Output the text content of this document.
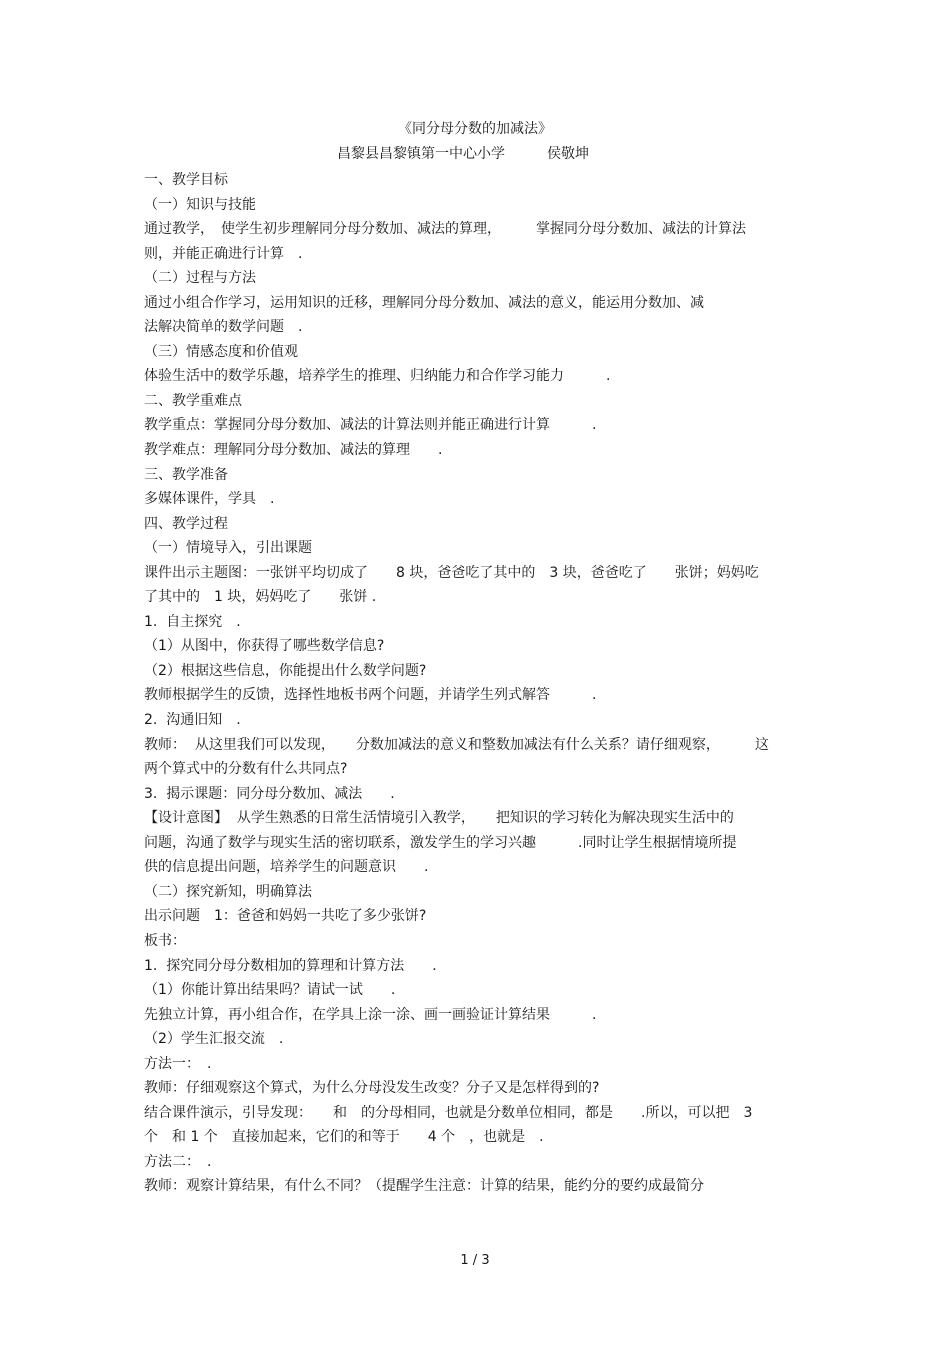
《同分母分数的加减法》
昌黎县昌黎镇第一中心小学　　　侯敬坤
一、教学目标
（一）知识与技能
通过教学，　使学生初步理解同分母分数加、减法的算理，　　　掌握同分母分数加、减法的计算法
则，并能正确进行计算　.
（二）过程与方法
通过小组合作学习，运用知识的迁移，理解同分母分数加、减法的意义，能运用分数加、减
法解决简单的数学问题　.
（三）情感态度和价值观
体验生活中的数学乐趣，培养学生的推理、归纳能力和合作学习能力　　　.
二、教学重难点
教学重点：掌握同分母分数加、减法的计算法则并能正确进行计算　　　.
教学难点：理解同分母分数加、减法的算理　　.
三、教学准备
多媒体课件，学具　.
四、教学过程
（一）情境导入，引出课题
课件出示主题图：一张饼平均切成了　　8 块，爸爸吃了其中的　3 块，爸爸吃了　　张饼；妈妈吃
了其中的　1 块，妈妈吃了　　张饼 .
1.  自主探究　.
（1）从图中，你获得了哪些数学信息?
（2）根据这些信息，你能提出什么数学问题?
教师根据学生的反馈，选择性地板书两个问题，并请学生列式解答　　　.
2.  沟通旧知　.
教师：  从这里我们可以发现，　　分数加减法的意义和整数加减法有什么关系？请仔细观察，　　　这
两个算式中的分数有什么共同点?
3.  揭示课题：同分母分数加、减法　　.
【设计意图】  从学生熟悉的日常生活情境引入教学，　　把知识的学习转化为解决现实生活中的
问题，沟通了数学与现实生活的密切联系，激发学生的学习兴趣　　　.同时让学生根据情境所提
供的信息提出问题，培养学生的问题意识　　.
（二）探究新知，明确算法
出示问题　1：爸爸和妈妈一共吃了多少张饼?
板书：
1.  探究同分母分数相加的算理和计算方法　　.
（1）你能计算出结果吗？请试一试　　.
先独立计算，再小组合作，在学具上涂一涂、画一画验证计算结果　　　.
（2）学生汇报交流　.
方法一：　.
教师：仔细观察这个算式，为什么分母没发生改变？分子又是怎样得到的?
结合课件演示，引导发现：　　和　的分母相同，也就是分数单位相同，都是　　.所以，可以把　3
个　和 1 个　直接加起来，它们的和等于　　4 个　，也就是　.
方法二：　.
教师：观察计算结果，有什么不同？（提醒学生注意：计算的结果，能约分的要约成最简分
1 / 3
